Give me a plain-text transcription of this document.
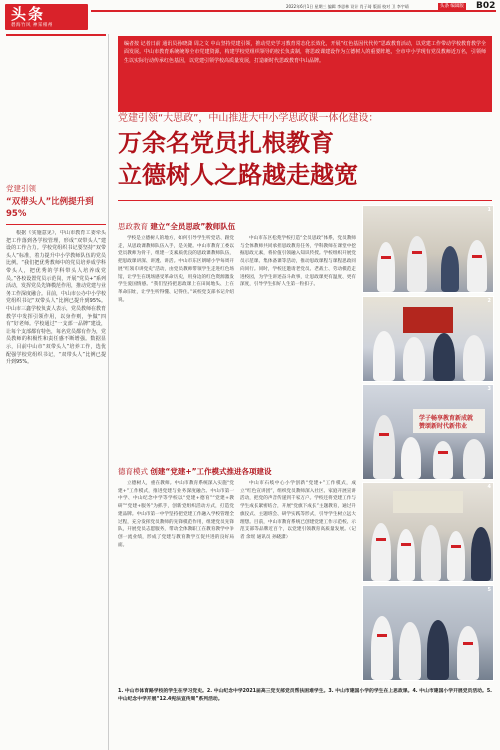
头条
碧海竹风 神采相州
2022年6月1日 星期三 编辑 李思林 设计 肖子琦 版面 校对 卫 李宇靖	头条 编辑版 B02
党建引领
“双带头人”比例提升到95%
根据《实施意见》，中山市教育工委牵头把工作落到各学校管理，形成“双带头人”建设的工作合力。学校党组织书记要坚持“双带头人”标准，着力提升中小学教师队伍的党员比例。“我们把优秀教师中的党员培养成学科带头人，把优秀的学科带头人培养成党员。”各校设置党员示范岗，开展“党员+”系列活动，发挥党员先锋模范作用，推动党建与业务工作深度融合。目前，中山市公办中小学校党组织书记“双带头人”比例已提升到95%。中山市三鑫学校负责人表示，党员教师在教育教学中发挥引领作用，以身作则，争做“四有”好老师。学校通过“一支部一品牌”建设，让每个支部都有特色，每名党员都有作为，党员教师的积极性和责任感不断增强。数据显示，目前中山市“双带头人”培养工作，选优配强学校党组织书记，“双带头人”比例已提升到95%。
编者按 记者日前 通讯员孙晓潇 周之文 中山坚持党建引领，推动党史学习教育常态化长效化，开展“红色基因代代传”思政教育活动，以党建工作带动学校教育教学全面发展。中山市教育系统统筹全市党建资源，构建学校党组织领导的校长负责制，将思政课建设作为立德树人的重要阵地，全市中小学现有党员教师近万名，引领师生以实际行动传承红色基因，以党建引领学校高质量发展，打造新时代思政教育中山品牌。
党建引领“大思政”，中山推进大中小学思政课一体化建设：
万余名党员扎根教育
立德树人之路越走越宽
思政教育 建立“全员思政”教师队伍
学校是立德树人的地方，如何引导学生听党话、跟党走，从思政课教师队伍入手，是关键。中山市教育工委以党员教师为骨干，组建一支素质优良的思政课教师队伍，把思政课讲深、讲透、讲活。中山市东区朗晴小学每周开展“红领巾讲党史”活动，由党员教师带领学生走进红色场馆，让学生在现场感受革命历史，用身边的红色资源激发学生爱国情感。“我们坚持把思政课上在田间地头、上在革命旧址，让学生听得懂、记得住。”该校党支部书记介绍说。
中山市东区松苑学校打造“全员思政”体系，党员教师与全体教师共同承担思政教育任务，学科教师在课堂中挖掘思政元素，将价值引领融入知识传授。学校组织开展党员示范课、集体备课等活动，推动思政课程与课程思政同向同行。同时，学校还邀请老党员、老战士、劳动模范走进校园，为学生讲述奋斗故事，让思政课更有温度、更有深度，引导学生扣好人生第一粒扣子。
德育模式 创建“党建+”工作模式推进各项建设
立德树人，重在教师。中山市教育系统深入实施“党建+”工作模式，推进党建与业务深度融合。中山市第一中学、中山纪念中学等学校以“党建+德育”“党建+教研”“党建+服务”为抓手，创新党组织活动方式，打造党建品牌。中山市第一中学坚持把党建工作融入学校管理全过程，充分发挥党员教师的先锋模范作用，组建党员先锋队，开展党员志愿服务，带动全体教职工在教育教学中争创一流业绩，形成了党建与教育教学互促共进的良好局面。
中山市石岐中心小学创新“党建+”工作模式，成立“红色宣讲团”，组织党员教师深入社区、家庭开展宣讲活动，把党的声音传递到千家万户。学校还将党建工作与学生成长紧密结合，开展“党旗下成长”主题教育，通过升旗仪式、主题班会、研学实践等形式，引导学生树立远大理想。目前，中山市教育系统已创建党建工作示范校、示范支部等品牌近百个，以党建引领教育高质量发展。（记者 余瑶 通讯员 孙晓潇）
1
2
学子畅享教育新成就 赞颂新时代新伟业
3
4
5
1. 中山市体育路学校的学生在学习党史。2. 中山纪念中学2021届高三党支部党员帮扶困难学生。3. 中山市建国小学的学生在上思政课。4. 中山市建国小学开展党员活动。5. 中山纪念中学开展“12.4宪法宣传周”系列活动。
